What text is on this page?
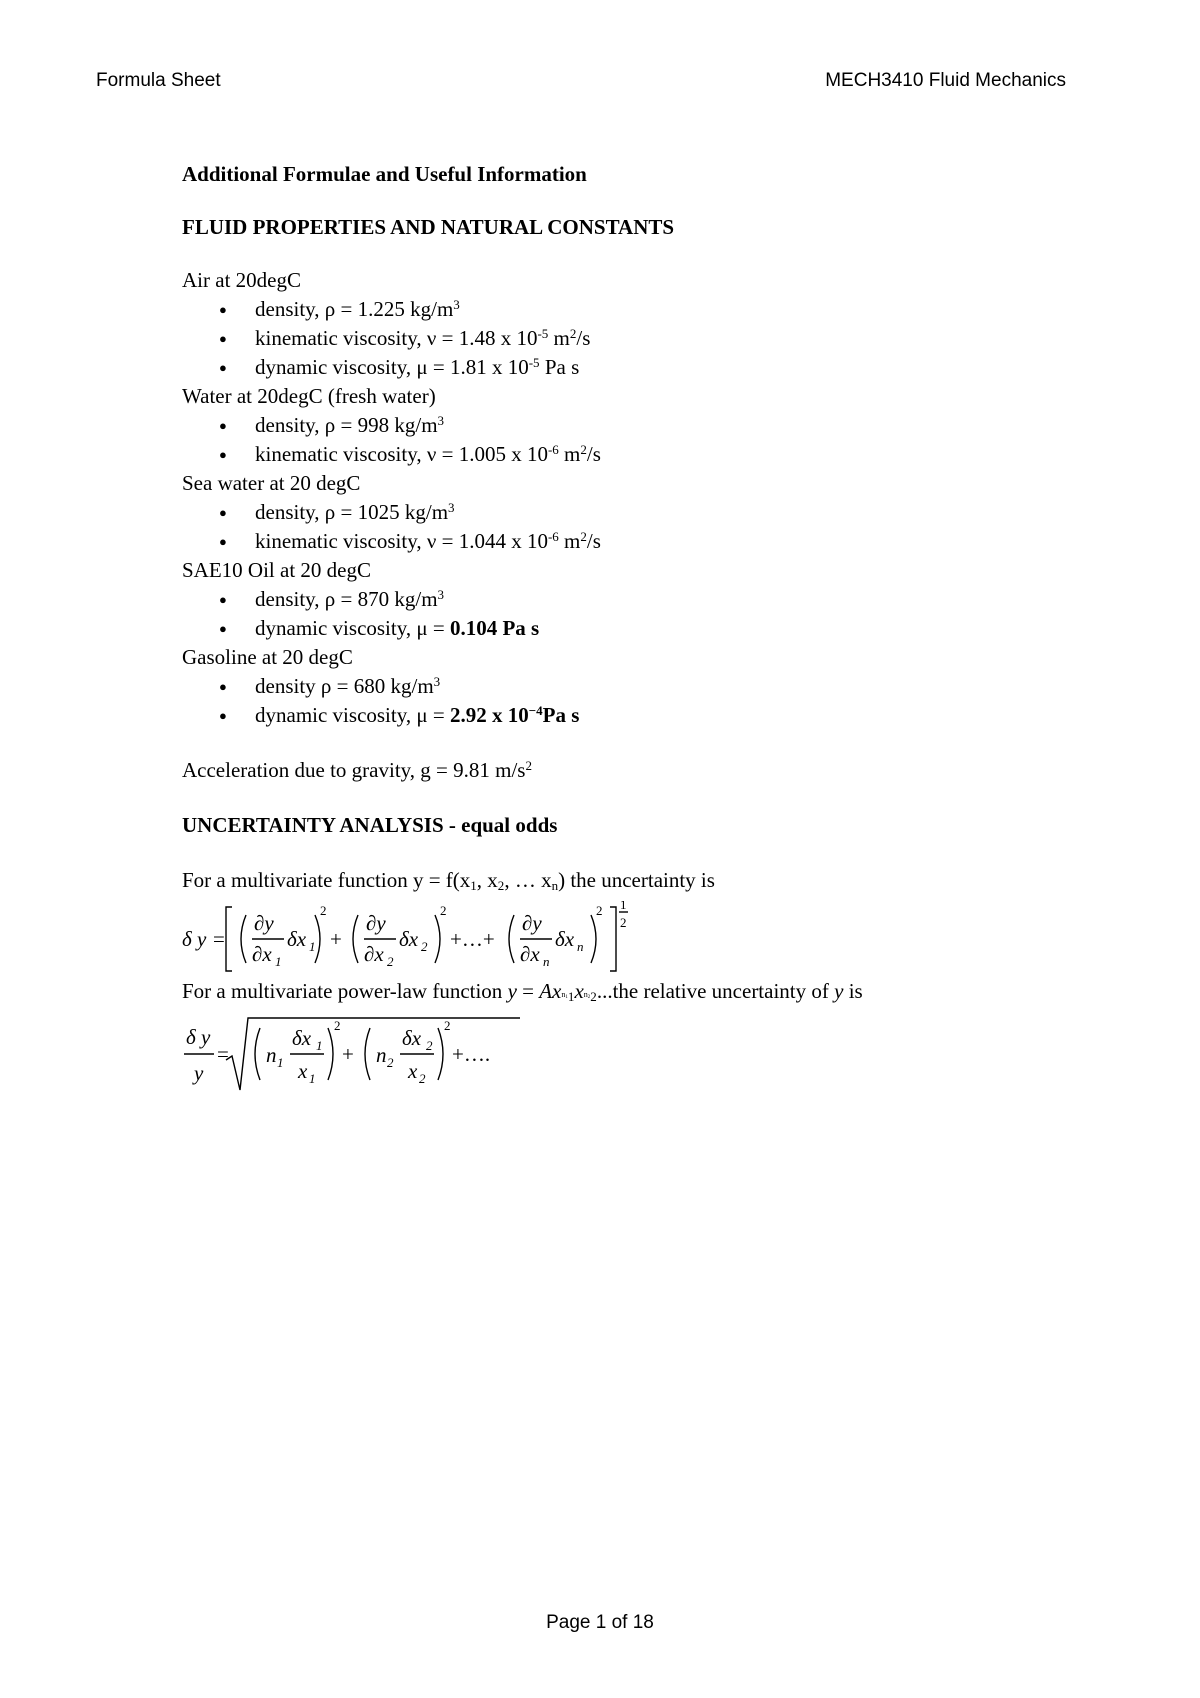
Formula Sheet	MECH3410 Fluid Mechanics
Additional Formulae and Useful Information
FLUID PROPERTIES AND NATURAL CONSTANTS
Air at 20degC
● density, ρ = 1.225 $kg/m^3$
● kinematic viscosity, ν = 1.48 x $10^{-5}$ $m^2/s$
● dynamic viscosity, μ = 1.81 x $10^{-5}$ Pa s
Water at 20degC (fresh water)
● density, ρ = 998 $kg/m^3$
● kinematic viscosity, ν = 1.005 x $10^{-6}$ $m^2/s$
Sea water at 20 degC
● density, ρ = 1025 $kg/m^3$
● kinematic viscosity, ν = 1.044 x $10^{-6}$ $m^2/s$
SAE10 Oil at 20 degC
● density, ρ = 870 $kg/m^3$
● dynamic viscosity, μ = 0.104 Pa s
Gasoline at 20 degC
● density ρ = 680 $kg/m^3$
● dynamic viscosity, μ = 2.92 x $10^{-4}Pa$ s
Acceleration due to gravity, g = 9.81 $m/s^2$
UNCERTAINTY ANALYSIS - equal odds
For a multivariate function $y = f(x_1$, $x_2$, … $x_n$) the uncertainty is
δ y =
∂y
∂x
δx
∂y
∂x
δx
∂y
∂x
δx
1
1
2
2
n
n
2	2	2 1
2
+	+…+
For a multivariate power-law function $y = Ax_{^{n_1}1}x_{^{n_2}2}...the$ relative uncertainty of y is
δ y
y
n
δx
x
n
δx
x
1
1
1
2
2
2
2	2
=	+	+….
Page 1 of 18
